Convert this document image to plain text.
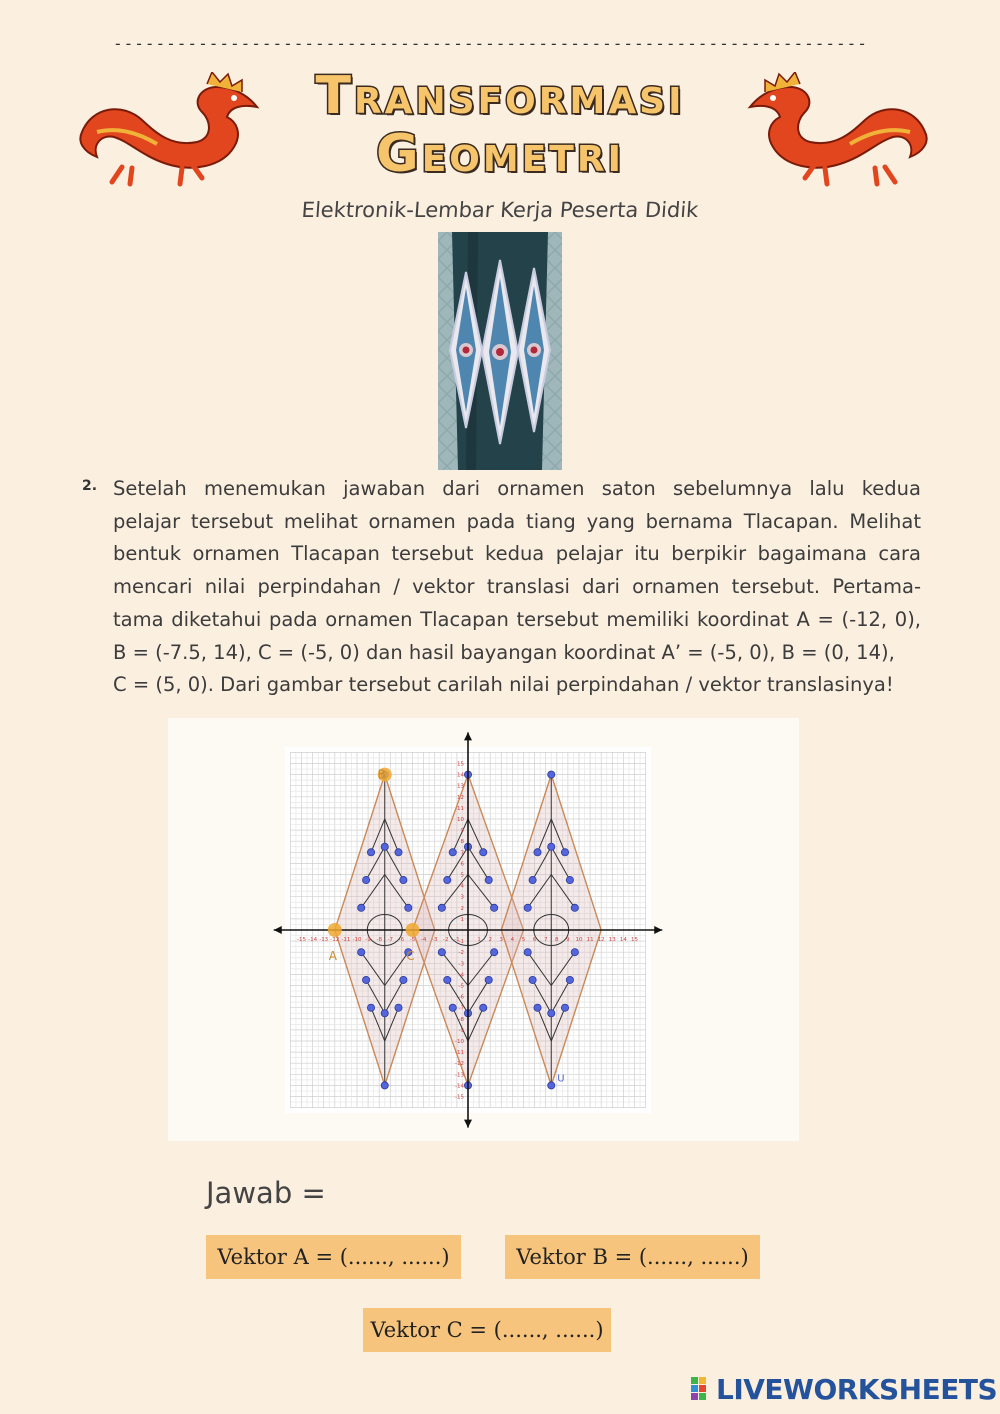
-----------------------------------------------------------------------
Transformasi
Geometri
Elektronik-Lembar Kerja Peserta Didik
2. Setelah menemukan jawaban dari ornamen saton sebelumnya lalu kedua
pelajar tersebut melihat ornamen pada tiang yang bernama Tlacapan. Melihat
bentuk ornamen Tlacapan tersebut kedua pelajar itu berpikir bagaimana cara
mencari nilai perpindahan / vektor translasi dari ornamen tersebut. Pertama-
tama diketahui pada ornamen Tlacapan tersebut memiliki koordinat A = (-12, 0),
B = (-7.5, 14), C = (-5, 0) dan hasil bayangan koordinat A’ = (-5, 0), B = (0, 14),
C = (5, 0). Dari gambar tersebut carilah nilai perpindahan / vektor translasinya!
-15
-15
-14
-14
-13
-13
-12
-12
-11
-11
-10
-10
-9
-9
-8
-8
-7
-7
-6
-6
-5
-5
-4
-4
-3
-3
-2
-2
-1
-1 1
1
2
2
3
3
4
4
5
5
6
6
7
7
8
8
9
9
10
10
11
11
12
12
13
13
14
14
15
15
A
B
C
U
Jawab =
Vektor A = (......, ......)	Vektor B = (......, ......)
Vektor C = (......, ......)
LIVEWORKSHEETS
